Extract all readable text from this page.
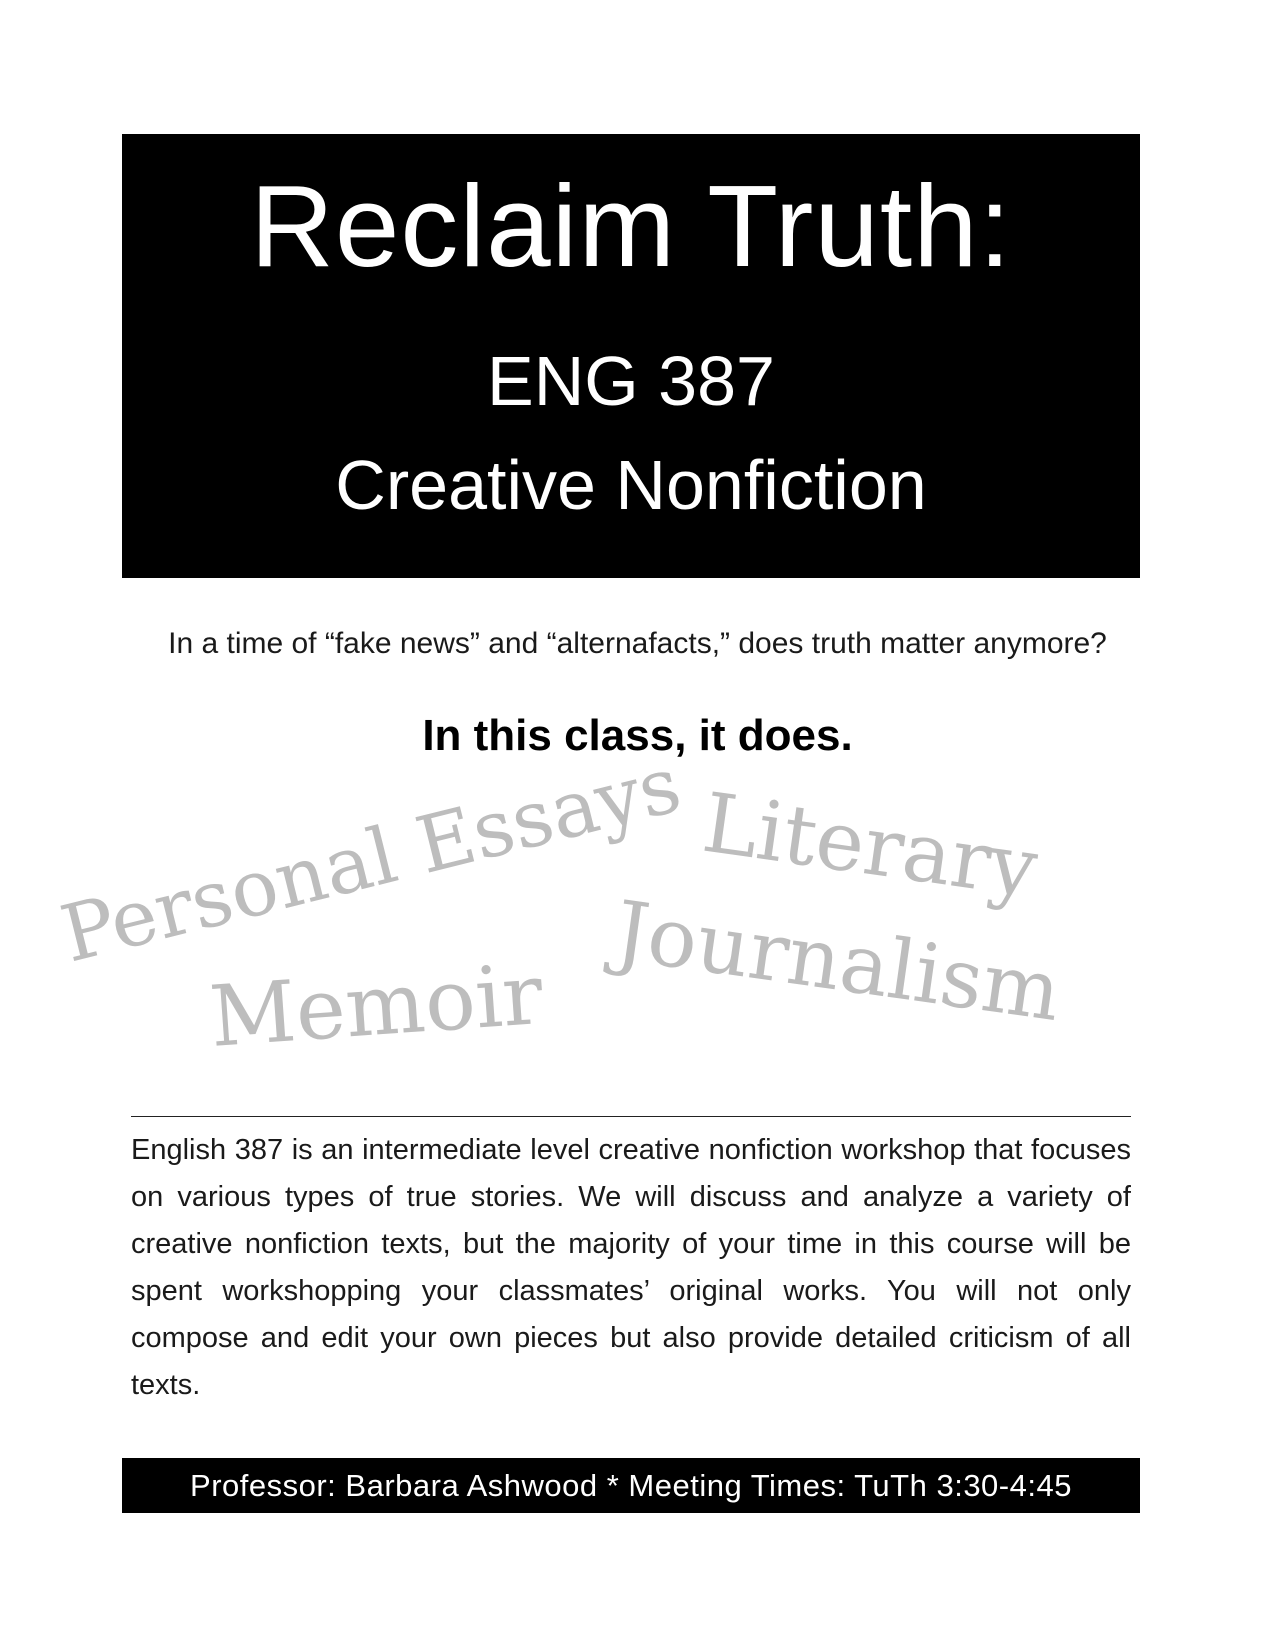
Reclaim Truth:
ENG 387
Creative Nonfiction
In a time of “fake news” and “alternafacts,” does truth matter anymore?
In this class, it does.
Personal Essays Literary
Journalism
Memoir

English 387 is an intermediate level creative nonfiction workshop that focuses on various types of true stories. We will discuss and analyze a variety of creative nonfiction texts, but the majority of your time in this course will be spent workshopping your classmates’ original works. You will not only compose and edit your own pieces but also provide detailed criticism of all texts.

Professor: Barbara Ashwood * Meeting Times: TuTh 3:30-4:45
